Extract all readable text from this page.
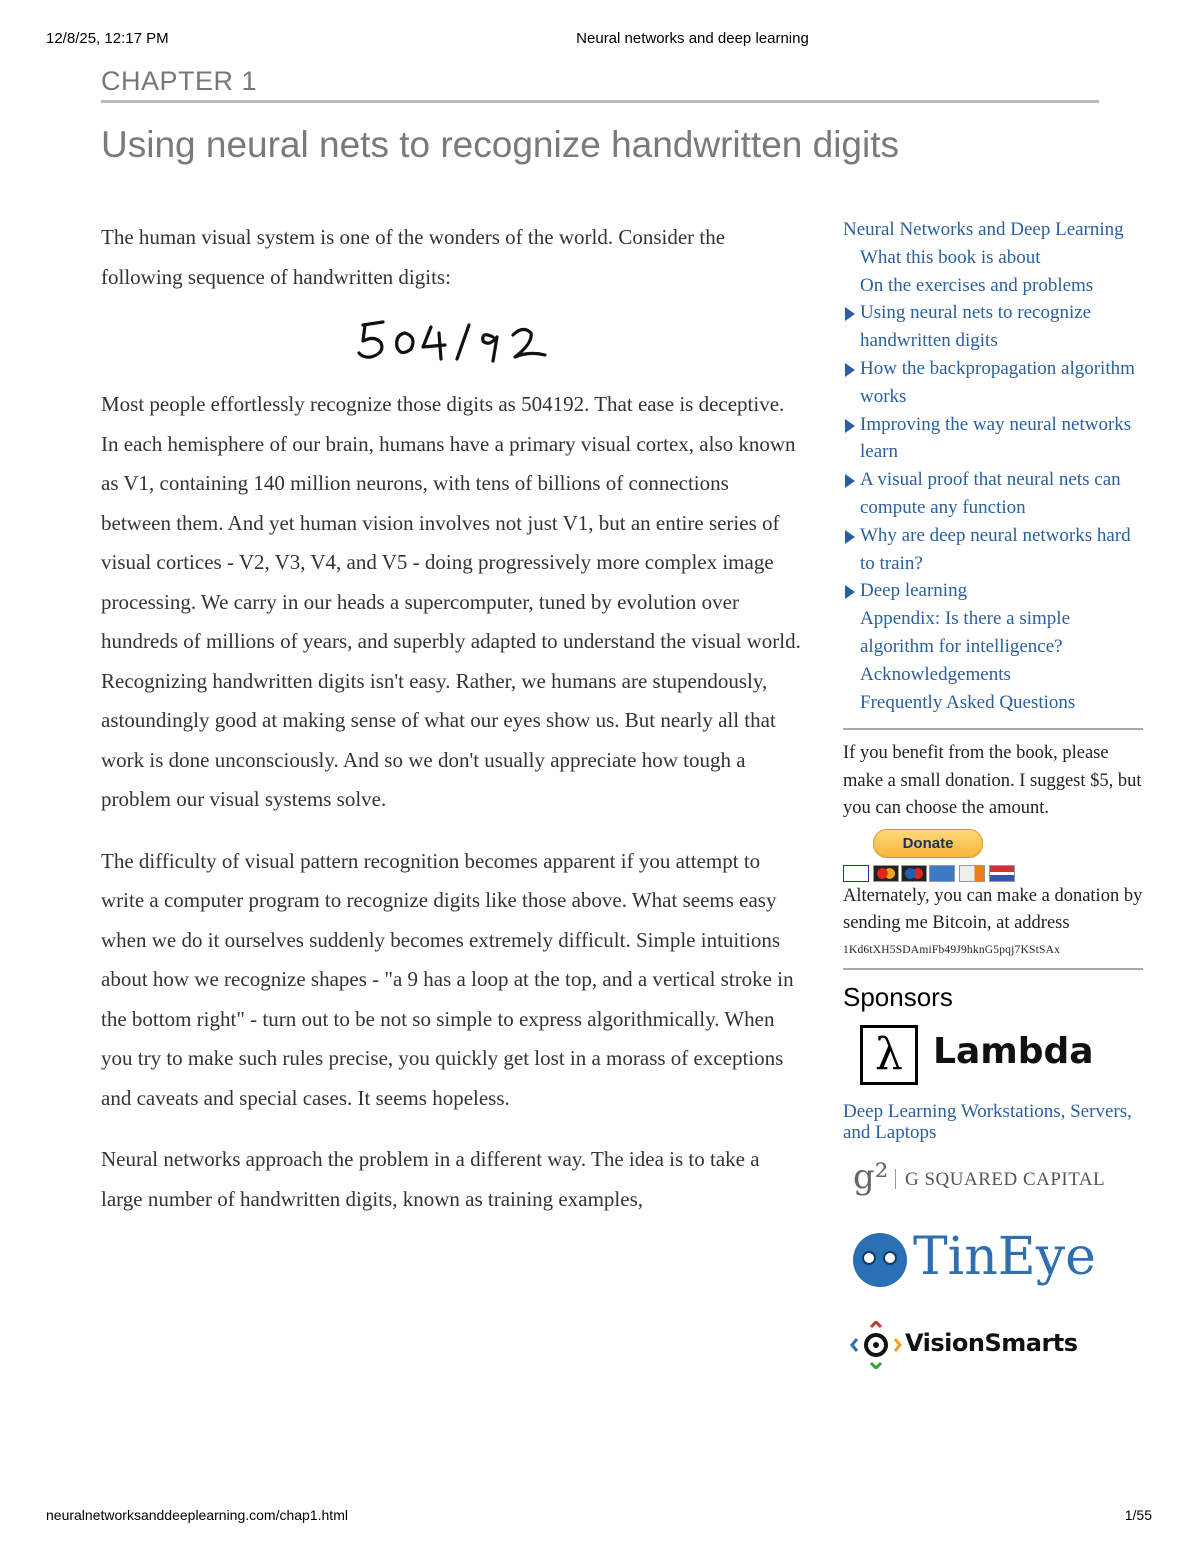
12/8/25, 12:17 PM	Neural networks and deep learning
CHAPTER 1
Using neural nets to recognize handwritten digits

The human visual system is one of the wonders of the world. Consider the following sequence of handwritten digits:

Most people effortlessly recognize those digits as 504192. That ease is deceptive. In each hemisphere of our brain, humans have a primary visual cortex, also known as V1, containing 140 million neurons, with tens of billions of connections between them. And yet human vision involves not just V1, but an entire series of visual cortices - V2, V3, V4, and V5 - doing progressively more complex image processing. We carry in our heads a supercomputer, tuned by evolution over hundreds of millions of years, and superbly adapted to understand the visual world. Recognizing handwritten digits isn't easy. Rather, we humans are stupendously, astoundingly good at making sense of what our eyes show us. But nearly all that work is done unconsciously. And so we don't usually appreciate how tough a problem our visual systems solve.

The difficulty of visual pattern recognition becomes apparent if you attempt to write a computer program to recognize digits like those above. What seems easy when we do it ourselves suddenly becomes extremely difficult. Simple intuitions about how we recognize shapes - "a 9 has a loop at the top, and a vertical stroke in the bottom right" - turn out to be not so simple to express algorithmically. When you try to make such rules precise, you quickly get lost in a morass of exceptions and caveats and special cases. It seems hopeless.

Neural networks approach the problem in a different way. The idea is to take a large number of handwritten digits, known as training examples,

Neural Networks and Deep Learning
What this book is about
On the exercises and problems
Using neural nets to recognize handwritten digits
How the backpropagation algorithm works
Improving the way neural networks learn
A visual proof that neural nets can compute any function
Why are deep neural networks hard to train?
Deep learning
Appendix: Is there a simple algorithm for intelligence?
Acknowledgements
Frequently Asked Questions
If you benefit from the book, please make a small donation. I suggest $5, but you can choose the amount.
Donate
Alternately, you can make a donation by sending me Bitcoin, at address
1Kd6tXH5SDAmiFb49J9hknG5pqj7KStSAx
Sponsors
λ Lambda
Deep Learning Workstations, Servers, and Laptops
g² G SQUARED CAPITAL
TinEye
VisionSmarts
neuralnetworksanddeeplearning.com/chap1.html	1/55
